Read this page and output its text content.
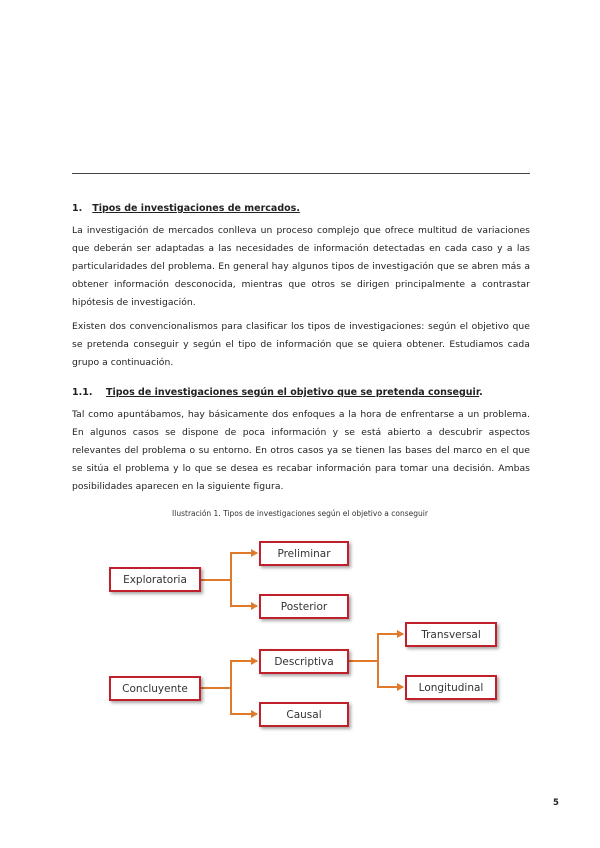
1. Tipos de investigaciones de mercados.

La investigación de mercados conlleva un proceso complejo que ofrece multitud de variaciones que deberán ser adaptadas a las necesidades de información detectadas en cada caso y a las particularidades del problema. En general hay algunos tipos de investigación que se abren más a obtener información desconocida, mientras que otros se dirigen principalmente a contrastar hipótesis de investigación.

Existen dos convencionalismos para clasificar los tipos de investigaciones: según el objetivo que se pretenda conseguir y según el tipo de información que se quiera obtener. Estudiamos cada grupo a continuación.

1.1. Tipos de investigaciones según el objetivo que se pretenda conseguir.

Tal como apuntábamos, hay básicamente dos enfoques a la hora de enfrentarse a un problema. En algunos casos se dispone de poca información y se está abierto a descubrir aspectos relevantes del problema o su entorno. En otros casos ya se tienen las bases del marco en el que se sitúa el problema y lo que se desea es recabar información para tomar una decisión. Ambas posibilidades aparecen en la siguiente figura.

Ilustración 1. Tipos de investigaciones según el objetivo a conseguir
Exploratoria
Preliminar
Posterior
Concluyente
Descriptiva
Causal
Transversal
Longitudinal
5
